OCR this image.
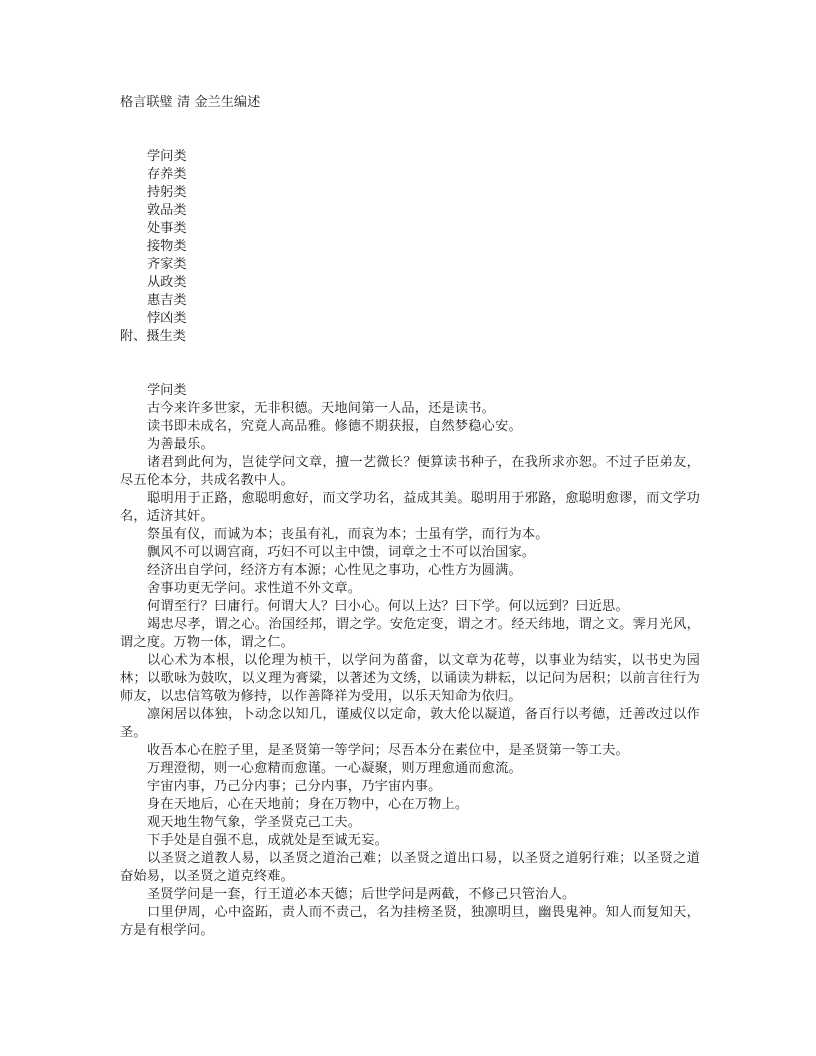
格言联璧 清 金兰生编述
学问类
存养类
持躬类
敦品类
处事类
接物类
齐家类
从政类
惠吉类
悖凶类
附、摄生类
学问类

古今来许多世家，无非积德。天地间第一人品，还是读书。

读书即未成名，究竟人高品雅。修德不期获报，自然梦稳心安。

为善最乐。

诸君到此何为，岂徒学问文章，擅一艺微长？便算读书种子，在我所求亦恕。不过子臣弟友，尽五伦本分，共成名教中人。

聪明用于正路，愈聪明愈好，而文学功名，益成其美。聪明用于邪路，愈聪明愈谬，而文学功名，适济其奸。

祭虽有仪，而诚为本；丧虽有礼，而哀为本；士虽有学，而行为本。

飘风不可以调宫商，巧妇不可以主中馈，词章之士不可以治国家。

经济出自学问，经济方有本源；心性见之事功，心性方为圆满。

舍事功更无学问。求性道不外文章。

何谓至行？曰庸行。何谓大人？曰小心。何以上达？曰下学。何以远到？曰近思。

竭忠尽孝，谓之心。治国经邦，谓之学。安危定变，谓之才。经天纬地，谓之文。霁月光风，谓之度。万物一体，谓之仁。

以心术为本根，以伦理为桢干，以学问为菑畲，以文章为花萼，以事业为结实，以书史为园林；以歌咏为鼓吹，以义理为膏粱，以著述为文绣，以诵读为耕耘，以记问为居积；以前言往行为师友，以忠信笃敬为修持，以作善降祥为受用，以乐天知命为依归。

凛闲居以体独，卜动念以知几，谨威仪以定命，敦大伦以凝道，备百行以考德，迁善改过以作圣。

收吾本心在腔子里，是圣贤第一等学问；尽吾本分在素位中，是圣贤第一等工夫。

万理澄彻，则一心愈精而愈谨。一心凝聚，则万理愈通而愈流。

宇宙内事，乃己分内事；己分内事，乃宇宙内事。

身在天地后，心在天地前；身在万物中，心在万物上。

观天地生物气象，学圣贤克己工夫。

下手处是自强不息，成就处是至诚无妄。

以圣贤之道教人易，以圣贤之道治己难；以圣贤之道出口易，以圣贤之道躬行难；以圣贤之道奋始易，以圣贤之道克终难。

圣贤学问是一套，行王道必本天德；后世学问是两截，不修己只管治人。

口里伊周，心中盗跖，责人而不责己，名为挂榜圣贤，独凛明旦，幽畏鬼神。知人而复知天，方是有根学问。
